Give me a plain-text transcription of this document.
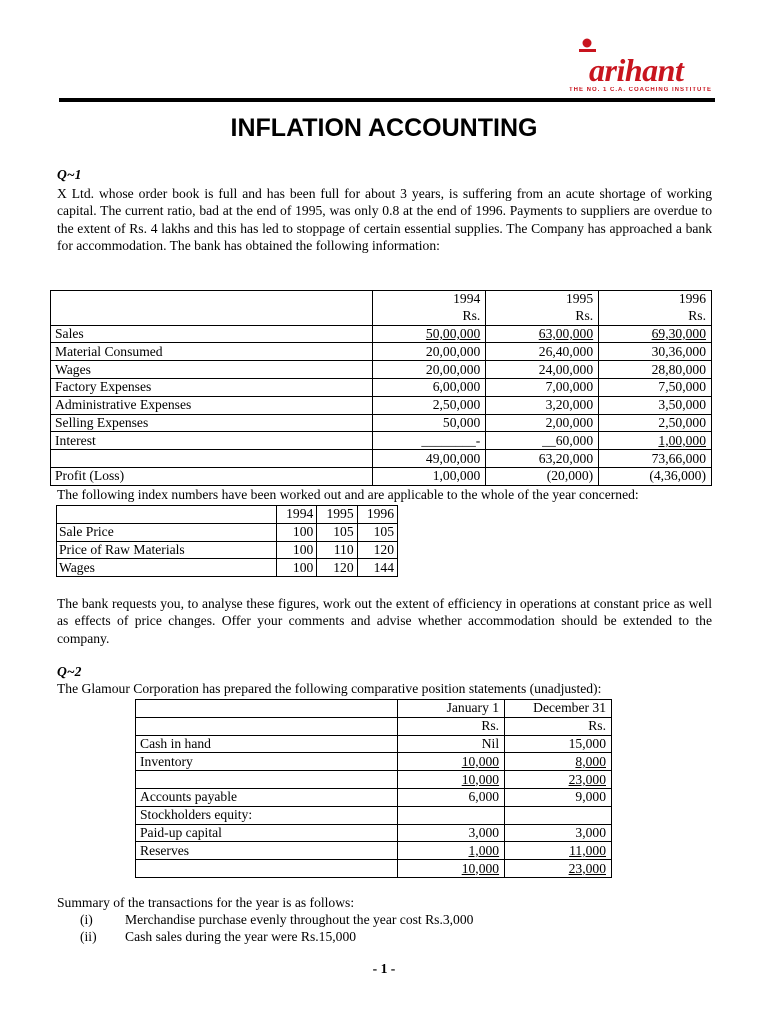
arihant
THE NO. 1 C.A. COACHING INSTITUTE
INFLATION ACCOUNTING
Q~1
X Ltd. whose order book is full and has been full for about 3 years, is suffering from an acute shortage of working capital. The current ratio, bad at the end of 1995, was only 0.8 at the end of 1996. Payments to suppliers are overdue to the extent of Rs. 4 lakhs and this has led to stoppage of certain essential supplies. The Company has approached a bank for accommodation. The bank has obtained the following information:
	1994	1995	1996
	Rs.	Rs.	Rs.
Sales	50,00,000	63,00,000	69,30,000
Material Consumed	20,00,000	26,40,000	30,36,000
Wages	20,00,000	24,00,000	28,80,000
Factory Expenses	6,00,000	7,00,000	7,50,000
Administrative Expenses	2,50,000	3,20,000	3,50,000
Selling Expenses	50,000	2,00,000	2,50,000
Interest	________-	__60,000	1,00,000
	49,00,000	63,20,000	73,66,000
Profit (Loss)	1,00,000	(20,000)	(4,36,000)
The following index numbers have been worked out and are applicable to the whole of the year concerned:
	1994	1995	1996
Sale Price	100	105	105
Price of Raw Materials	100	110	120
Wages	100	120	144
The bank requests you, to analyse these figures, work out the extent of efficiency in operations at constant price as well as effects of price changes. Offer your comments and advise whether accommodation should be extended to the company.
Q~2
The Glamour Corporation has prepared the following comparative position statements (unadjusted):
	January 1	December 31
	Rs.	Rs.
Cash in hand	Nil	15,000
Inventory	10,000	8,000
	10,000	23,000
Accounts payable	6,000	9,000
Stockholders equity:		
Paid-up capital	3,000	3,000
Reserves	1,000	11,000
	10,000	23,000
Summary of the transactions for the year is as follows:
(i) Merchandise purchase evenly throughout the year cost Rs.3,000
(ii) Cash sales during the year were Rs.15,000
- 1 -
